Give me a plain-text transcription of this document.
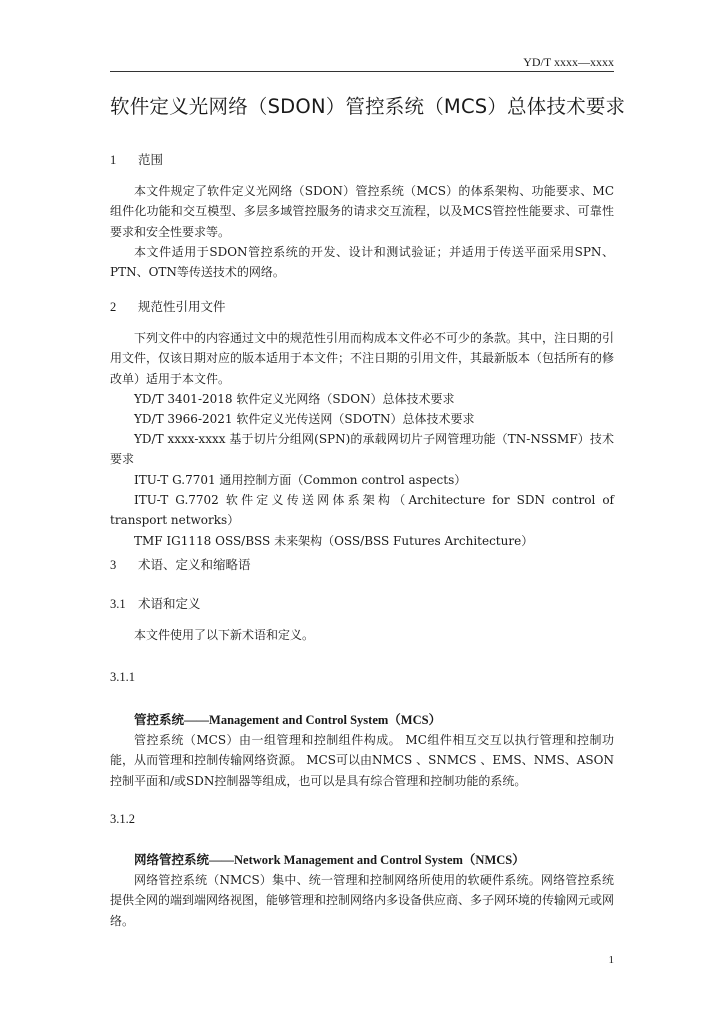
YD/T xxxx—xxxx
软件定义光网络（SDON）管控系统（MCS）总体技术要求
1 范围
本文件规定了软件定义光网络（SDON）管控系统（MCS）的体系架构、功能要求、MC组件化功能和交互模型、多层多域管控服务的请求交互流程，以及MCS管控性能要求、可靠性要求和安全性要求等。
本文件适用于SDON管控系统的开发、设计和测试验证；并适用于传送平面采用SPN、PTN、OTN等传送技术的网络。
2 规范性引用文件
下列文件中的内容通过文中的规范性引用而构成本文件必不可少的条款。其中，注日期的引用文件，仅该日期对应的版本适用于本文件；不注日期的引用文件，其最新版本（包括所有的修改单）适用于本文件。
YD/T 3401-2018 软件定义光网络（SDON）总体技术要求
YD/T 3966-2021 软件定义光传送网（SDOTN）总体技术要求
YD/T xxxx-xxxx 基于切片分组网(SPN)的承载网切片子网管理功能（TN-NSSMF）技术要求
ITU-T G.7701 通用控制方面（Common control aspects）
ITU-T G.7702 软件定义传送网体系架构（Architecture for SDN control of transport networks）
TMF IG1118 OSS/BSS 未来架构（OSS/BSS Futures Architecture）
3 术语、定义和缩略语
3.1 术语和定义
本文件使用了以下新术语和定义。
3.1.1
管控系统——Management and Control System（MCS）
管控系统（MCS）由一组管理和控制组件构成。 MC组件相互交互以执行管理和控制功能，从而管理和控制传输网络资源。 MCS可以由NMCS 、SNMCS 、EMS、NMS、ASON控制平面和/或SDN控制器等组成，也可以是具有综合管理和控制功能的系统。
3.1.2
网络管控系统——Network Management and Control System（NMCS）
网络管控系统（NMCS）集中、统一管理和控制网络所使用的软硬件系统。网络管控系统提供全网的端到端网络视图，能够管理和控制网络内多设备供应商、多子网环境的传输网元或网络。
1
